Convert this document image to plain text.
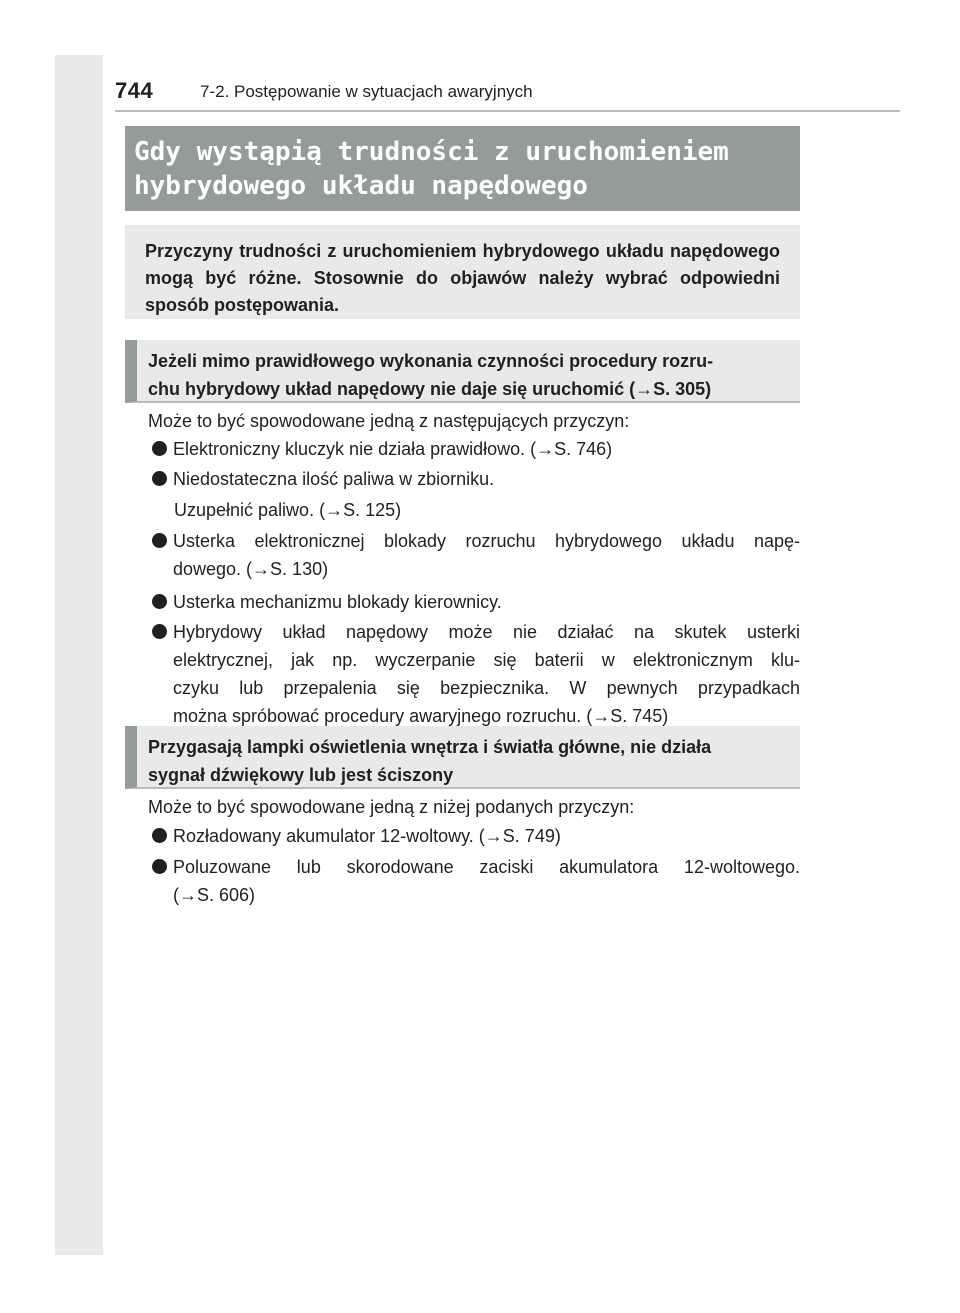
744	7-2. Postępowanie w sytuacjach awaryjnych
Gdy wystąpią trudności z uruchomieniem
hybrydowego układu napędowego
Przyczyny trudności z uruchomieniem hybrydowego układu napędowego mogą być różne. Stosownie do objawów należy wybrać odpowiedni sposób postępowania.
Jeżeli mimo prawidłowego wykonania czynności procedury rozru-
chu hybrydowy układ napędowy nie daje się uruchomić (→S. 305)
Może to być spowodowane jedną z następujących przyczyn:
Elektroniczny kluczyk nie działa prawidłowo. (→S. 746)
Niedostateczna ilość paliwa w zbiorniku.
Uzupełnić paliwo. (→S. 125)
Usterka elektronicznej blokady rozruchu hybrydowego układu napę-
dowego. (→S. 130)
Usterka mechanizmu blokady kierownicy.
Hybrydowy układ napędowy może nie działać na skutek usterki
elektrycznej, jak np. wyczerpanie się baterii w elektronicznym klu-
czyku lub przepalenia się bezpiecznika. W pewnych przypadkach
można spróbować procedury awaryjnego rozruchu. (→S. 745)
Przygasają lampki oświetlenia wnętrza i światła główne, nie działa
sygnał dźwiękowy lub jest ściszony
Może to być spowodowane jedną z niżej podanych przyczyn:
Rozładowany akumulator 12-woltowy. (→S. 749)
Poluzowane lub skorodowane zaciski akumulatora 12-woltowego.
(→S. 606)
